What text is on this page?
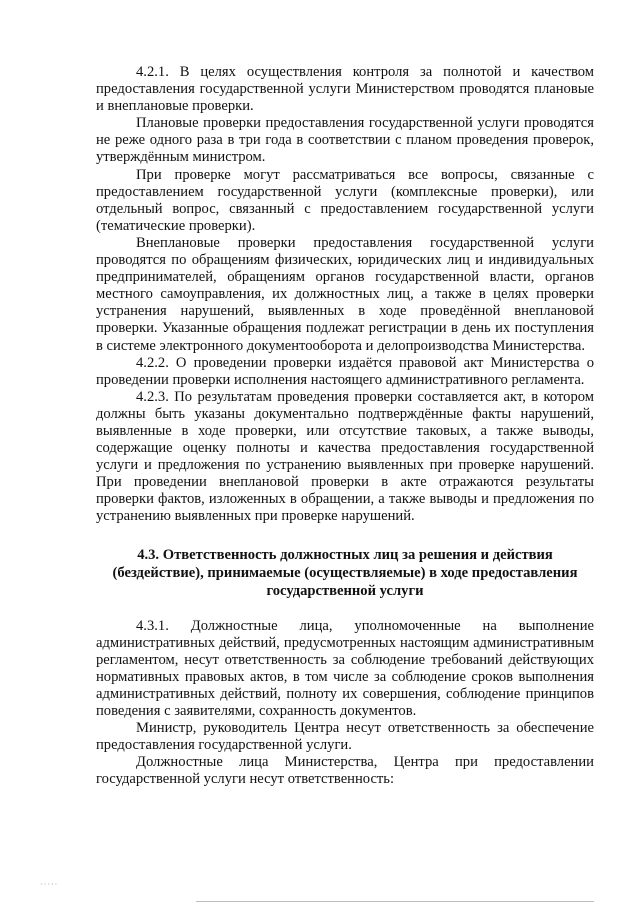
4.2.1. В целях осуществления контроля за полнотой и качеством предоставления государственной услуги Министерством проводятся плановые и внеплановые проверки.

Плановые проверки предоставления государственной услуги проводятся не реже одного раза в три года в соответствии с планом проведения проверок, утверждённым министром.

При проверке могут рассматриваться все вопросы, связанные с предоставлением государственной услуги (комплексные проверки), или отдельный вопрос, связанный с предоставлением государственной услуги (тематические проверки).

Внеплановые проверки предоставления государственной услуги проводятся по обращениям физических, юридических лиц и индивидуальных предпринимателей, обращениям органов государственной власти, органов местного самоуправления, их должностных лиц, а также в целях проверки устранения нарушений, выявленных в ходе проведённой внеплановой проверки. Указанные обращения подлежат регистрации в день их поступления в системе электронного документооборота и делопроизводства Министерства.

4.2.2. О проведении проверки издаётся правовой акт Министерства о проведении проверки исполнения настоящего административного регламента.

4.2.3. По результатам проведения проверки составляется акт, в котором должны быть указаны документально подтверждённые факты нарушений, выявленные в ходе проверки, или отсутствие таковых, а также выводы, содержащие оценку полноты и качества предоставления государственной услуги и предложения по устранению выявленных при проверке нарушений. При проведении внеплановой проверки в акте отражаются результаты проверки фактов, изложенных в обращении, а также выводы и предложения по устранению выявленных при проверке нарушений.

4.3. Ответственность должностных лиц за решения и действия (бездействие), принимаемые (осуществляемые) в ходе предоставления государственной услуги

4.3.1. Должностные лица, уполномоченные на выполнение административных действий, предусмотренных настоящим административным регламентом, несут ответственность за соблюдение требований действующих нормативных правовых актов, в том числе за соблюдение сроков выполнения административных действий, полноту их совершения, соблюдение принципов поведения с заявителями, сохранность документов.

Министр, руководитель Центра несут ответственность за обеспечение предоставления государственной услуги.

Должностные лица Министерства, Центра при предоставлении государственной услуги несут ответственность:

·····
